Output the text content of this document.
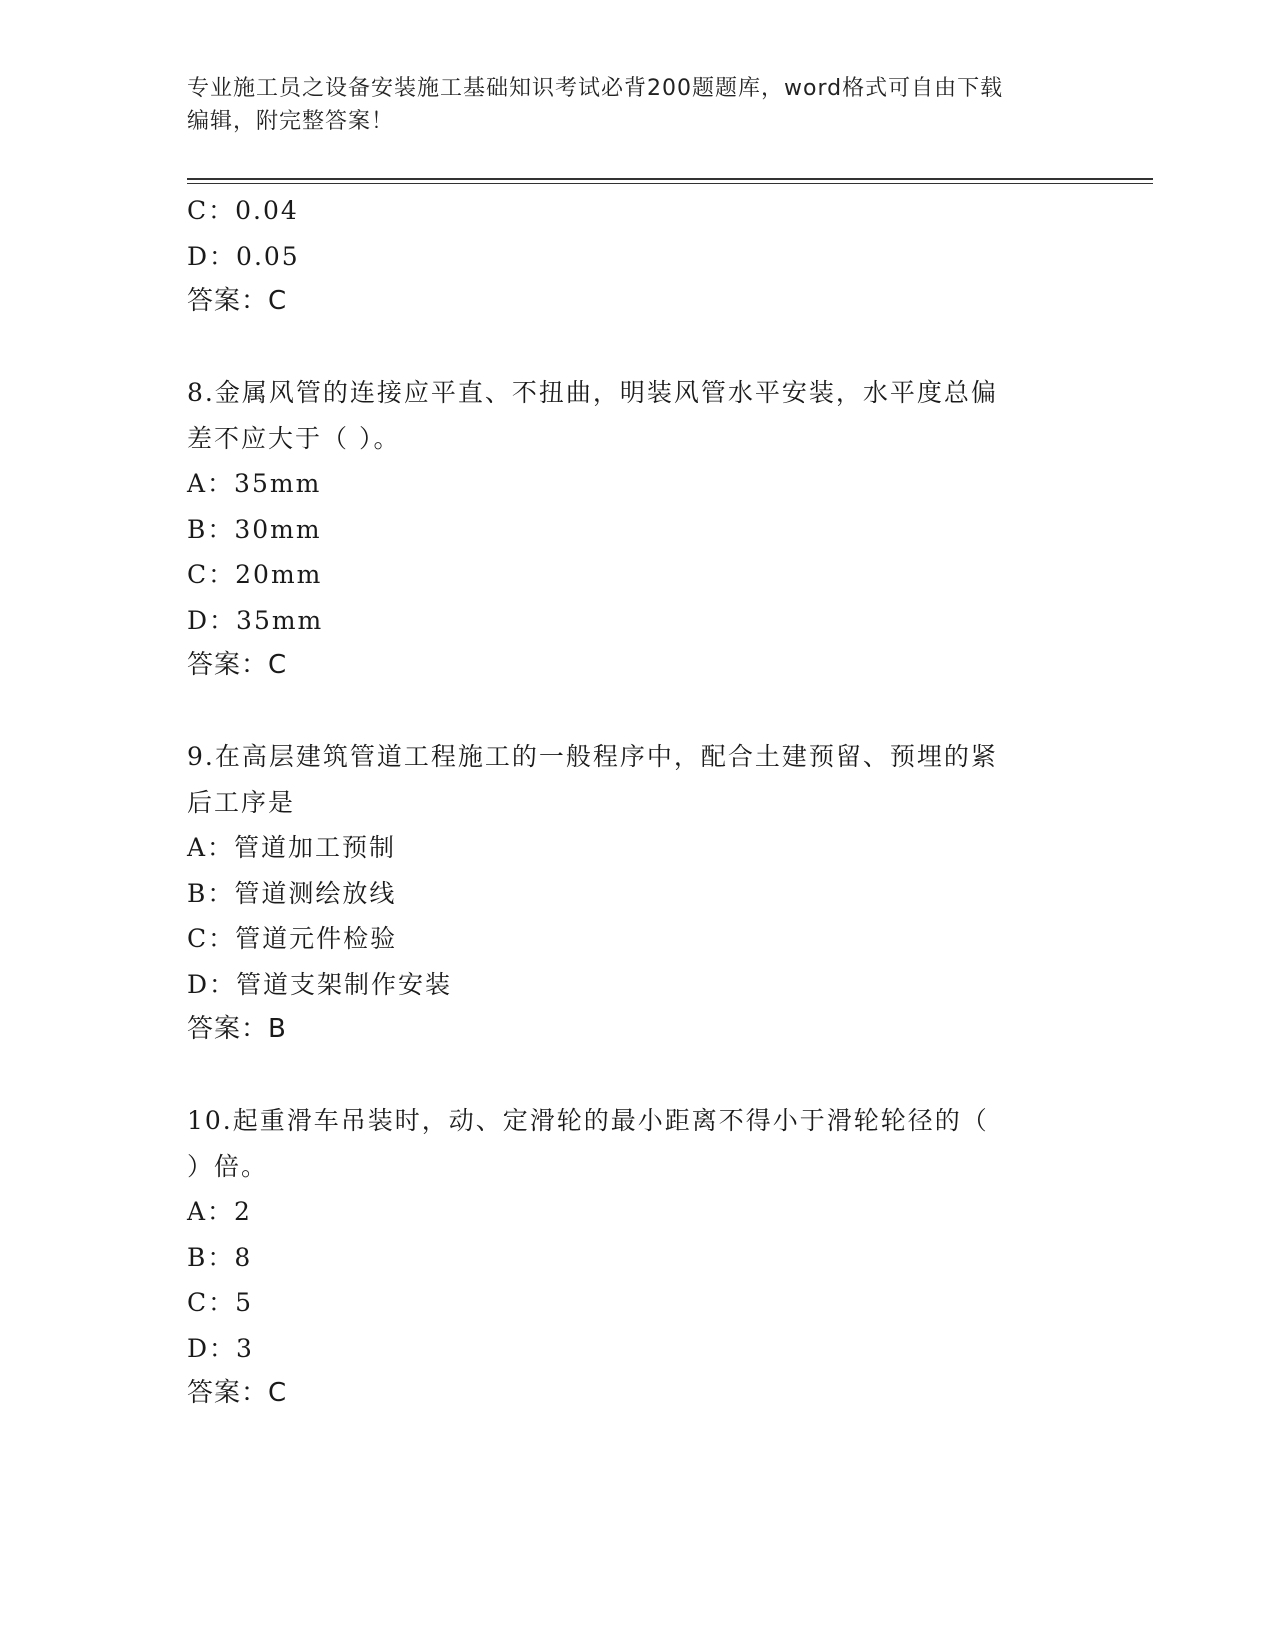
专业施工员之设备安装施工基础知识考试必背200题题库，word格式可自由下载
编辑，附完整答案！
C：0.04
D：0.05
答案：C
8.金属风管的连接应平直、不扭曲，明装风管水平安装，水平度总偏
差不应大于（ ）。
A：35mm
B：30mm
C：20mm
D：35mm
答案：C
9.在高层建筑管道工程施工的一般程序中，配合土建预留、预埋的紧
后工序是
A：管道加工预制
B：管道测绘放线
C：管道元件检验
D：管道支架制作安装
答案：B
10.起重滑车吊装时，动、定滑轮的最小距离不得小于滑轮轮径的（
）倍。
A：2
B：8
C：5
D：3
答案：C
